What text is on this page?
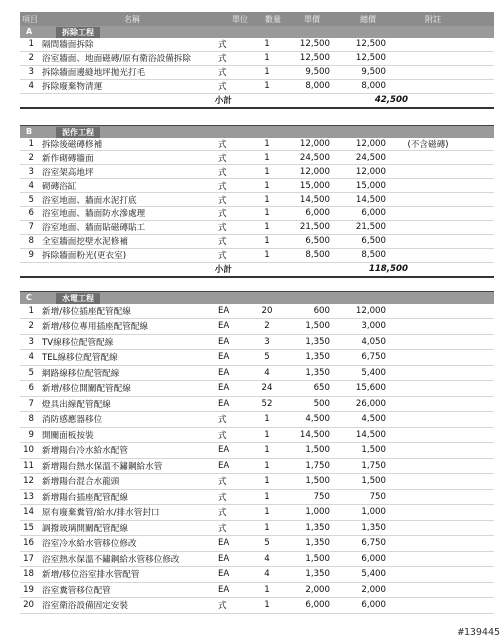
項目	名稱	單位	數量	單價	總價	附註
A	拆除工程
1 隔間牆面拆除	式	1	12,500	12,500
2 浴室牆面、地面磁磚/原有衛浴設備拆除	式	1	12,500	12,500
3 拆除牆面邊縫地坪拋光打毛	式	1	9,500	9,500
4 拆除廢棄物清運	式	1	8,000	8,000
小計	42,500
B	泥作工程
1 拆除後磁磚修補	式	1	12,000	12,000	(不含磁磚)
2 新作砌磚牆面	式	1	24,500	24,500
3 浴室架高地坪	式	1	12,000	12,000
4 砌磚浴缸	式	1	15,000	15,000
5 浴室地面、牆面水泥打底	式	1	14,500	14,500
6 浴室地面、牆面防水滲處理	式	1	6,000	6,000
7 浴室地面、牆面貼磁磚貼工	式	1	21,500	21,500
8 全室牆面挖壁水泥修補	式	1	6,500	6,500
9 拆除牆面粉光(更衣室)	式	1	8,500	8,500
小計	118,500
C	水電工程
1 新增/移位插座配管配線	EA	20	600	12,000
2 新增/移位專用插座配管配線	EA	2	1,500	3,000
3 TV線移位配管配線	EA	3	1,350	4,050
4 TEL線移位配管配線	EA	5	1,350	6,750
5 網路線移位配管配線	EA	4	1,350	5,400
6 新增/移位開關配管配線	EA	24	650	15,600
7 燈具出線配管配線	EA	52	500	26,000
8 消防感應器移位	式	1	4,500	4,500
9 開關面板按裝	式	1	14,500	14,500
10 新增陽台冷水給水配管	EA	1	1,500	1,500
11 新增陽台熱水保溫不鏽鋼給水管	EA	1	1,750	1,750
12 新增陽台混合水龍頭	式	1	1,500	1,500
13 新增陽台插座配管配線	式	1	750	750
14 原有廢棄糞管/給水/排水管封口	式	1	1,000	1,000
15 調撥玻璃開關配管配線	式	1	1,350	1,350
16 浴室冷水給水管移位修改	EA	5	1,350	6,750
17 浴室熱水保溫不鏽鋼給水管移位修改	EA	4	1,500	6,000
18 新增/移位浴室排水管配管	EA	4	1,350	5,400
19 浴室糞管移位配管	EA	1	2,000	2,000
20 浴室衛浴設備固定安裝	式	1	6,000	6,000
#139445
